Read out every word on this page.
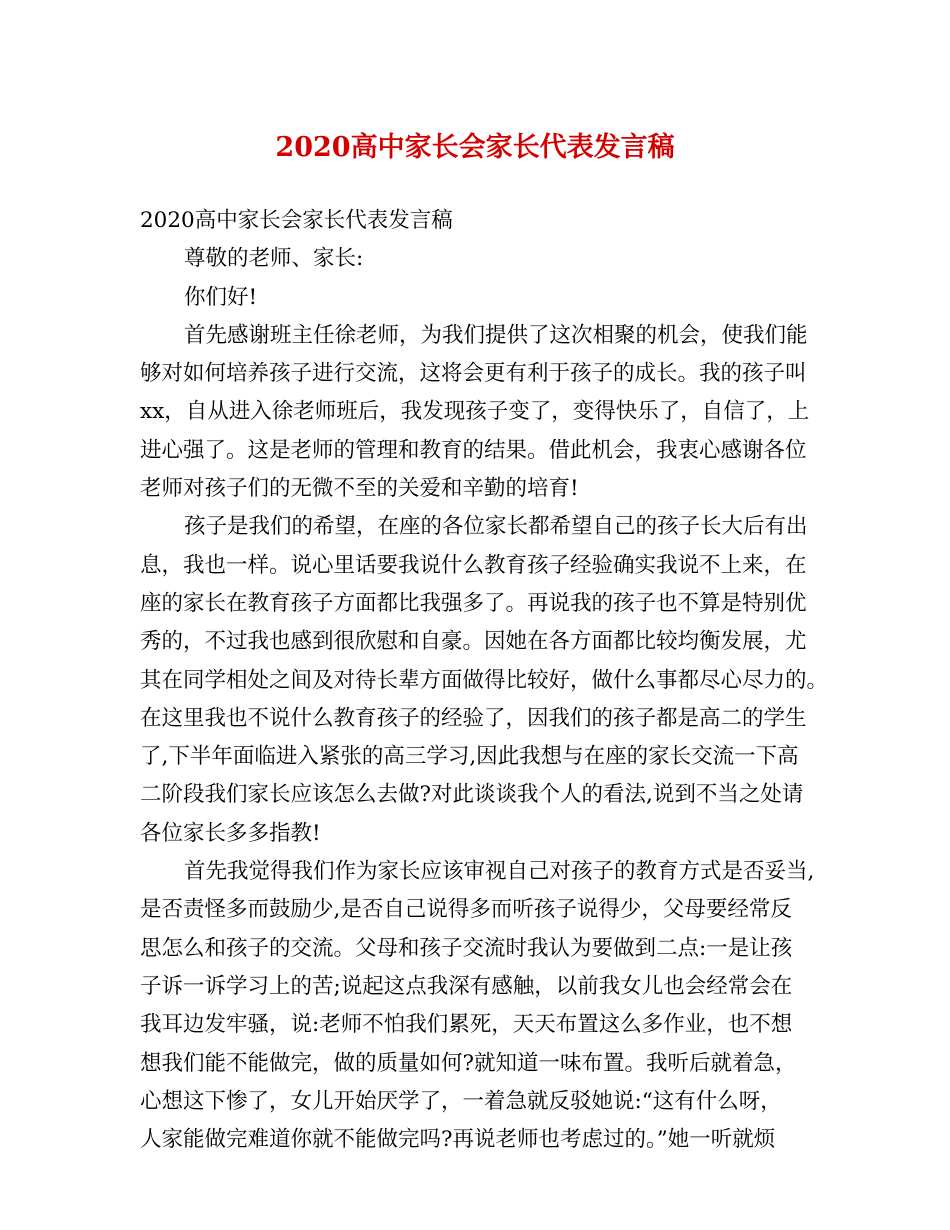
2020高中家长会家长代表发言稿
2020高中家长会家长代表发言稿
尊敬的老师、家长:
你们好!
首先感谢班主任徐老师，为我们提供了这次相聚的机会，使我们能
够对如何培养孩子进行交流，这将会更有利于孩子的成长。我的孩子叫
xx，自从进入徐老师班后，我发现孩子变了，变得快乐了，自信了，上
进心强了。这是老师的管理和教育的结果。借此机会，我衷心感谢各位
老师对孩子们的无微不至的关爱和辛勤的培育!
孩子是我们的希望，在座的各位家长都希望自己的孩子长大后有出
息，我也一样。说心里话要我说什么教育孩子经验确实我说不上来，在
座的家长在教育孩子方面都比我强多了。再说我的孩子也不算是特别优
秀的，不过我也感到很欣慰和自豪。因她在各方面都比较均衡发展，尤
其在同学相处之间及对待长辈方面做得比较好，做什么事都尽心尽力的。
在这里我也不说什么教育孩子的经验了，因我们的孩子都是高二的学生
了,下半年面临进入紧张的高三学习,因此我想与在座的家长交流一下高
二阶段我们家长应该怎么去做?对此谈谈我个人的看法,说到不当之处请
各位家长多多指教!
首先我觉得我们作为家长应该审视自己对孩子的教育方式是否妥当,
是否责怪多而鼓励少,是否自己说得多而听孩子说得少，父母要经常反
思怎么和孩子的交流。父母和孩子交流时我认为要做到二点:一是让孩
子诉一诉学习上的苦;说起这点我深有感触，以前我女儿也会经常会在
我耳边发牢骚，说:老师不怕我们累死，天天布置这么多作业，也不想
想我们能不能做完，做的质量如何?就知道一味布置。我听后就着急，
心想这下惨了，女儿开始厌学了，一着急就反驳她说:“这有什么呀，
人家能做完难道你就不能做完吗?再说老师也考虑过的。”她一听就烦
